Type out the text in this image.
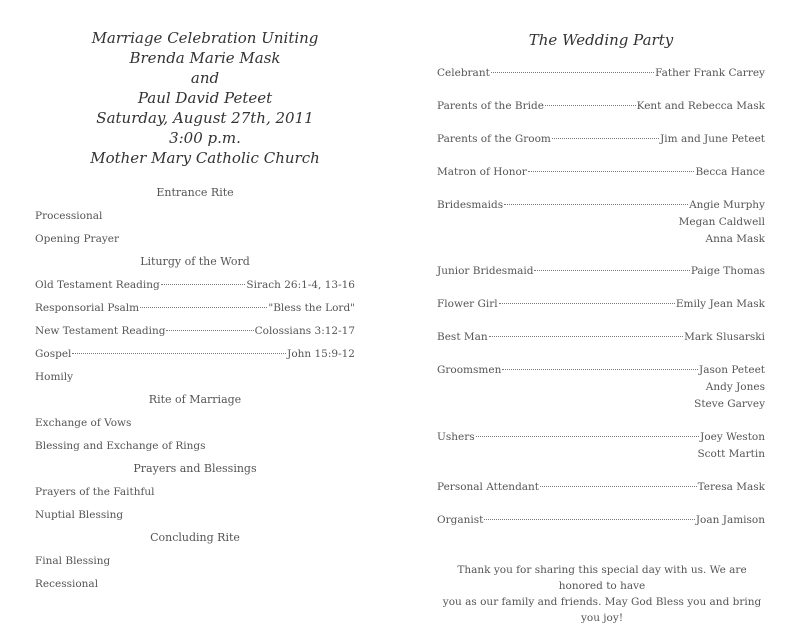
Marriage Celebration Uniting
Brenda Marie Mask
and
Paul David Peteet
Saturday, August 27th, 2011
3:00 p.m.
Mother Mary Catholic Church
Entrance Rite
Processional
Opening Prayer
Liturgy of the Word
Old Testament Reading	Sirach 26:1-4, 13-16
Responsorial Psalm	"Bless the Lord"
New Testament Reading	Colossians 3:12-17
Gospel	John 15:9-12
Homily
Rite of Marriage
Exchange of Vows
Blessing and Exchange of Rings
Prayers and Blessings
Prayers of the Faithful
Nuptial Blessing
Concluding Rite
Final Blessing
Recessional
The Wedding Party
Celebrant	Father Frank Carrey
Parents of the Bride	Kent and Rebecca Mask
Parents of the Groom	Jim and June Peteet
Matron of Honor	Becca Hance
Bridesmaids	Angie Murphy
Megan Caldwell
Anna Mask
Junior Bridesmaid	Paige Thomas
Flower Girl	Emily Jean Mask
Best Man	Mark Slusarski
Groomsmen	Jason Peteet
Andy Jones
Steve Garvey
Ushers	Joey Weston
Scott Martin
Personal Attendant	Teresa Mask
Organist	Joan Jamison
Thank you for sharing this special day with us. We are honored to have
you as our family and friends. May God Bless you and bring you joy!
